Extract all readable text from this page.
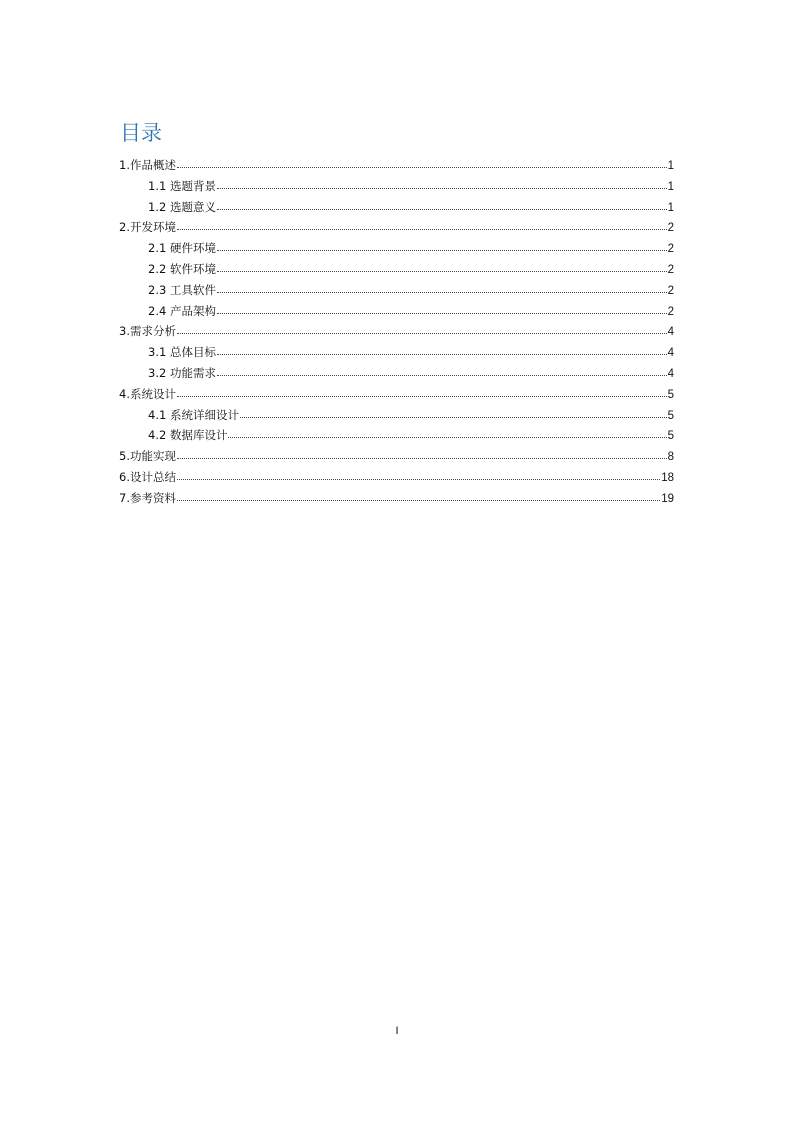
目录
1.作品概述	1
1.1 选题背景	1
1.2 选题意义	1
2.开发环境	2
2.1 硬件环境	2
2.2 软件环境	2
2.3 工具软件	2
2.4 产品架构	2
3.需求分析	4
3.1 总体目标	4
3.2 功能需求	4
4.系统设计	5
4.1 系统详细设计	5
4.2 数据库设计	5
5.功能实现	8
6.设计总结	18
7.参考资料	19
I
